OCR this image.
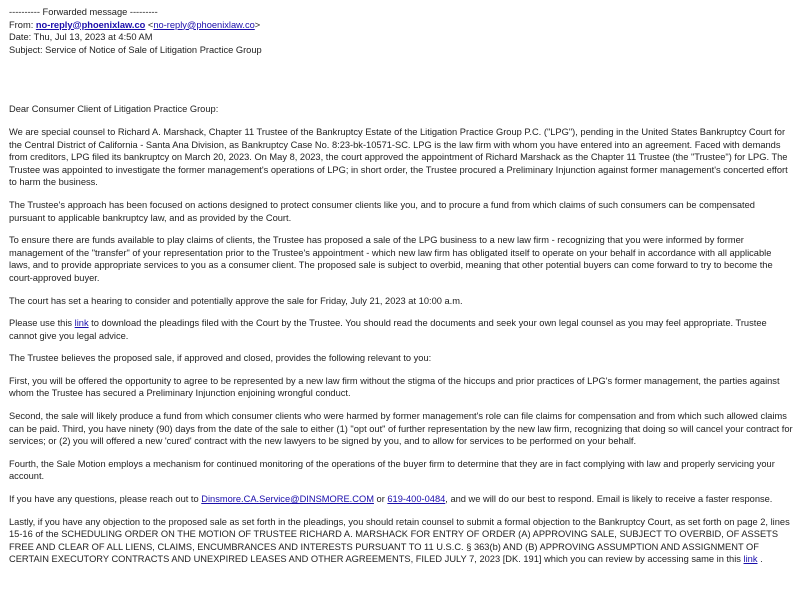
---------- Forwarded message ---------
From: no-reply@phoenixlaw.co <no-reply@phoenixlaw.co>
Date: Thu, Jul 13, 2023 at 4:50 AM
Subject: Service of Notice of Sale of Litigation Practice Group
Dear Consumer Client of Litigation Practice Group:

We are special counsel to Richard A. Marshack, Chapter 11 Trustee of the Bankruptcy Estate of the Litigation Practice Group P.C. ("LPG"), pending in the United States Bankruptcy Court for the Central District of California - Santa Ana Division, as Bankruptcy Case No. 8:23-bk-10571-SC. LPG is the law firm with whom you have entered into an agreement. Faced with demands from creditors, LPG filed its bankruptcy on March 20, 2023. On May 8, 2023, the court approved the appointment of Richard Marshack as the Chapter 11 Trustee (the "Trustee") for LPG. The Trustee was appointed to investigate the former management's operations of LPG; in short order, the Trustee procured a Preliminary Injunction against former management's concerted effort to harm the business.

The Trustee's approach has been focused on actions designed to protect consumer clients like you, and to procure a fund from which claims of such consumers can be compensated pursuant to applicable bankruptcy law, and as provided by the Court.

To ensure there are funds available to play claims of clients, the Trustee has proposed a sale of the LPG business to a new law firm - recognizing that you were informed by former management of the "transfer" of your representation prior to the Trustee's appointment - which new law firm has obligated itself to operate on your behalf in accordance with all applicable laws, and to provide appropriate services to you as a consumer client. The proposed sale is subject to overbid, meaning that other potential buyers can come forward to try to become the court-approved buyer.

The court has set a hearing to consider and potentially approve the sale for Friday, July 21, 2023 at 10:00 a.m.

Please use this link to download the pleadings filed with the Court by the Trustee. You should read the documents and seek your own legal counsel as you may feel appropriate. Trustee cannot give you legal advice.

The Trustee believes the proposed sale, if approved and closed, provides the following relevant to you:

First, you will be offered the opportunity to agree to be represented by a new law firm without the stigma of the hiccups and prior practices of LPG's former management, the parties against whom the Trustee has secured a Preliminary Injunction enjoining wrongful conduct.

Second, the sale will likely produce a fund from which consumer clients who were harmed by former management's role can file claims for compensation and from which such allowed claims can be paid. Third, you have ninety (90) days from the date of the sale to either (1) "opt out" of further representation by the new law firm, recognizing that doing so will cancel your contract for services; or (2) you will offered a new 'cured' contract with the new lawyers to be signed by you, and to allow for services to be performed on your behalf.

Fourth, the Sale Motion employs a mechanism for continued monitoring of the operations of the buyer firm to determine that they are in fact complying with law and properly servicing your account.

If you have any questions, please reach out to Dinsmore.CA.Service@DINSMORE.COM or 619-400-0484, and we will do our best to respond. Email is likely to receive a faster response.

Lastly, if you have any objection to the proposed sale as set forth in the pleadings, you should retain counsel to submit a formal objection to the Bankruptcy Court, as set forth on page 2, lines 15-16 of the SCHEDULING ORDER ON THE MOTION OF TRUSTEE RICHARD A. MARSHACK FOR ENTRY OF ORDER (A) APPROVING SALE, SUBJECT TO OVERBID, OF ASSETS FREE AND CLEAR OF ALL LIENS, CLAIMS, ENCUMBRANCES AND INTERESTS PURSUANT TO 11 U.S.C. § 363(b) AND (B) APPROVING ASSUMPTION AND ASSIGNMENT OF CERTAIN EXECUTORY CONTRACTS AND UNEXPIRED LEASES AND OTHER AGREEMENTS, FILED JULY 7, 2023 [DK. 191] which you can review by accessing same in this link .
